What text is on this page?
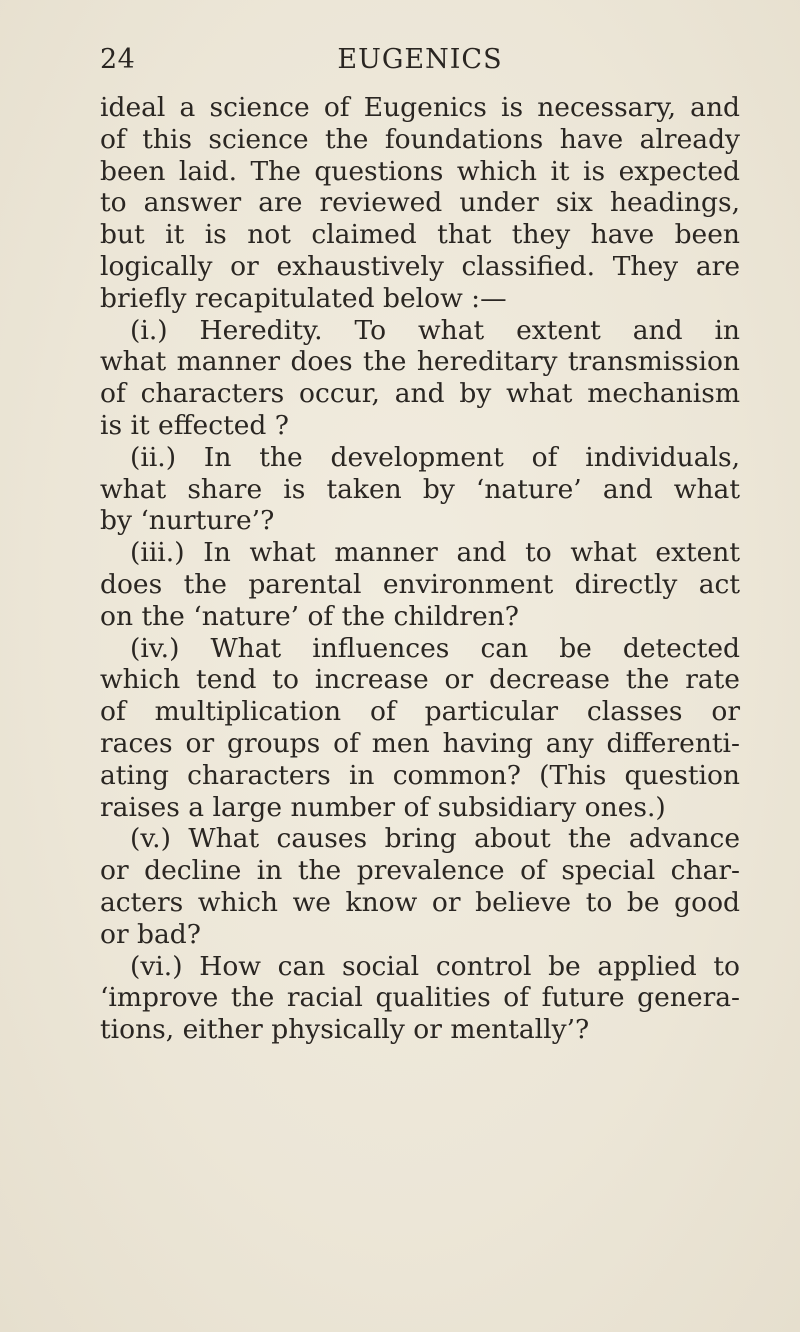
24	EUGENICS
ideal a science of Eugenics is necessary, and
of this science the foundations have already
been laid. The questions which it is expected
to answer are reviewed under six headings,
but it is not claimed that they have been
logically or exhaustively classified. They are
briefly recapitulated below :—
(i.) Heredity. To what extent and in
what manner does the hereditary transmission
of characters occur, and by what mechanism
is it effected ?
(ii.) In the development of individuals,
what share is taken by ‘nature’ and what
by ‘nurture’?
(iii.) In what manner and to what extent
does the parental environment directly act
on the ‘nature’ of the children?
(iv.) What influences can be detected
which tend to increase or decrease the rate
of multiplication of particular classes or
races or groups of men having any differenti-
ating characters in common? (This question
raises a large number of subsidiary ones.)
(v.) What causes bring about the advance
or decline in the prevalence of special char-
acters which we know or believe to be good
or bad?
(vi.) How can social control be applied to
‘improve the racial qualities of future genera-
tions, either physically or mentally’?
